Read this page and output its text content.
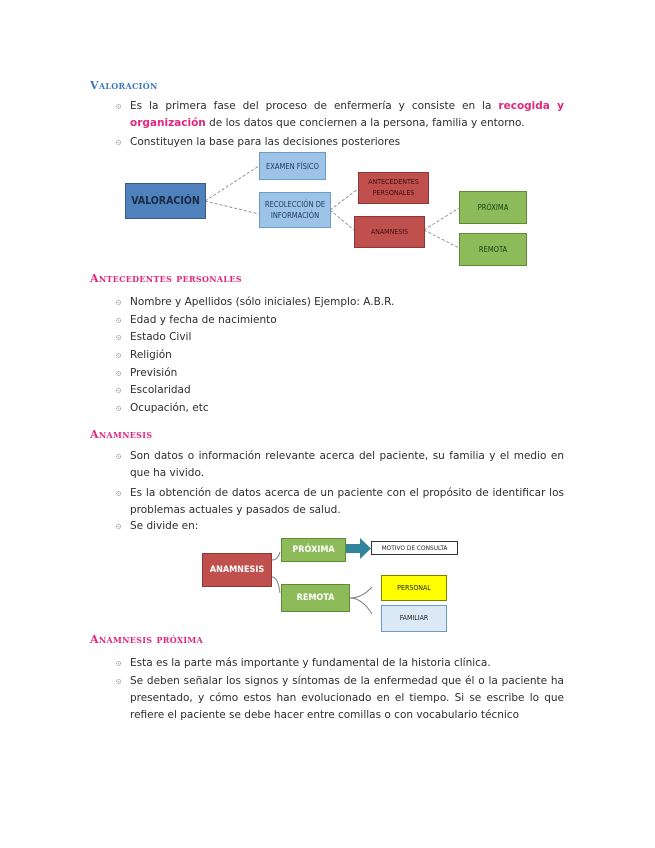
Valoración
۞ Es la primera fase del proceso de enfermería y consiste en la recogida y organización de los datos que conciernen a la persona, familia y entorno.
۞ Constituyen la base para las decisiones posteriores
VALORACIÓN
EXAMEN FÍSICO
RECOLECCIÓN DE INFORMACIÓN
ANTECEDENTES PERSONALES
ANAMNESIS
PRÓXIMA
REMOTA
Antecedentes personales
۞ Nombre y Apellidos (sólo iniciales) Ejemplo: A.B.R.
۞ Edad y fecha de nacimiento
۞ Estado Civil
۞ Religión
۞ Previsión
۞ Escolaridad
۞ Ocupación, etc
Anamnesis
۞ Son datos o información relevante acerca del paciente, su familia y el medio en que ha vivido.
۞ Es la obtención de datos acerca de un paciente con el propósito de identificar los problemas actuales y pasados de salud.
۞ Se divide en:
ANAMNESIS
PRÓXIMA
REMOTA
MOTIVO DE CONSULTA
PERSONAL
FAMILIAR
Anamnesis próxima
۞ Esta es la parte más importante y fundamental de la historia clínica.
۞ Se deben señalar los signos y síntomas de la enfermedad que él o la paciente ha presentado, y cómo estos han evolucionado en el tiempo. Si se escribe lo que refiere el paciente se debe hacer entre comillas o con vocabulario técnico
